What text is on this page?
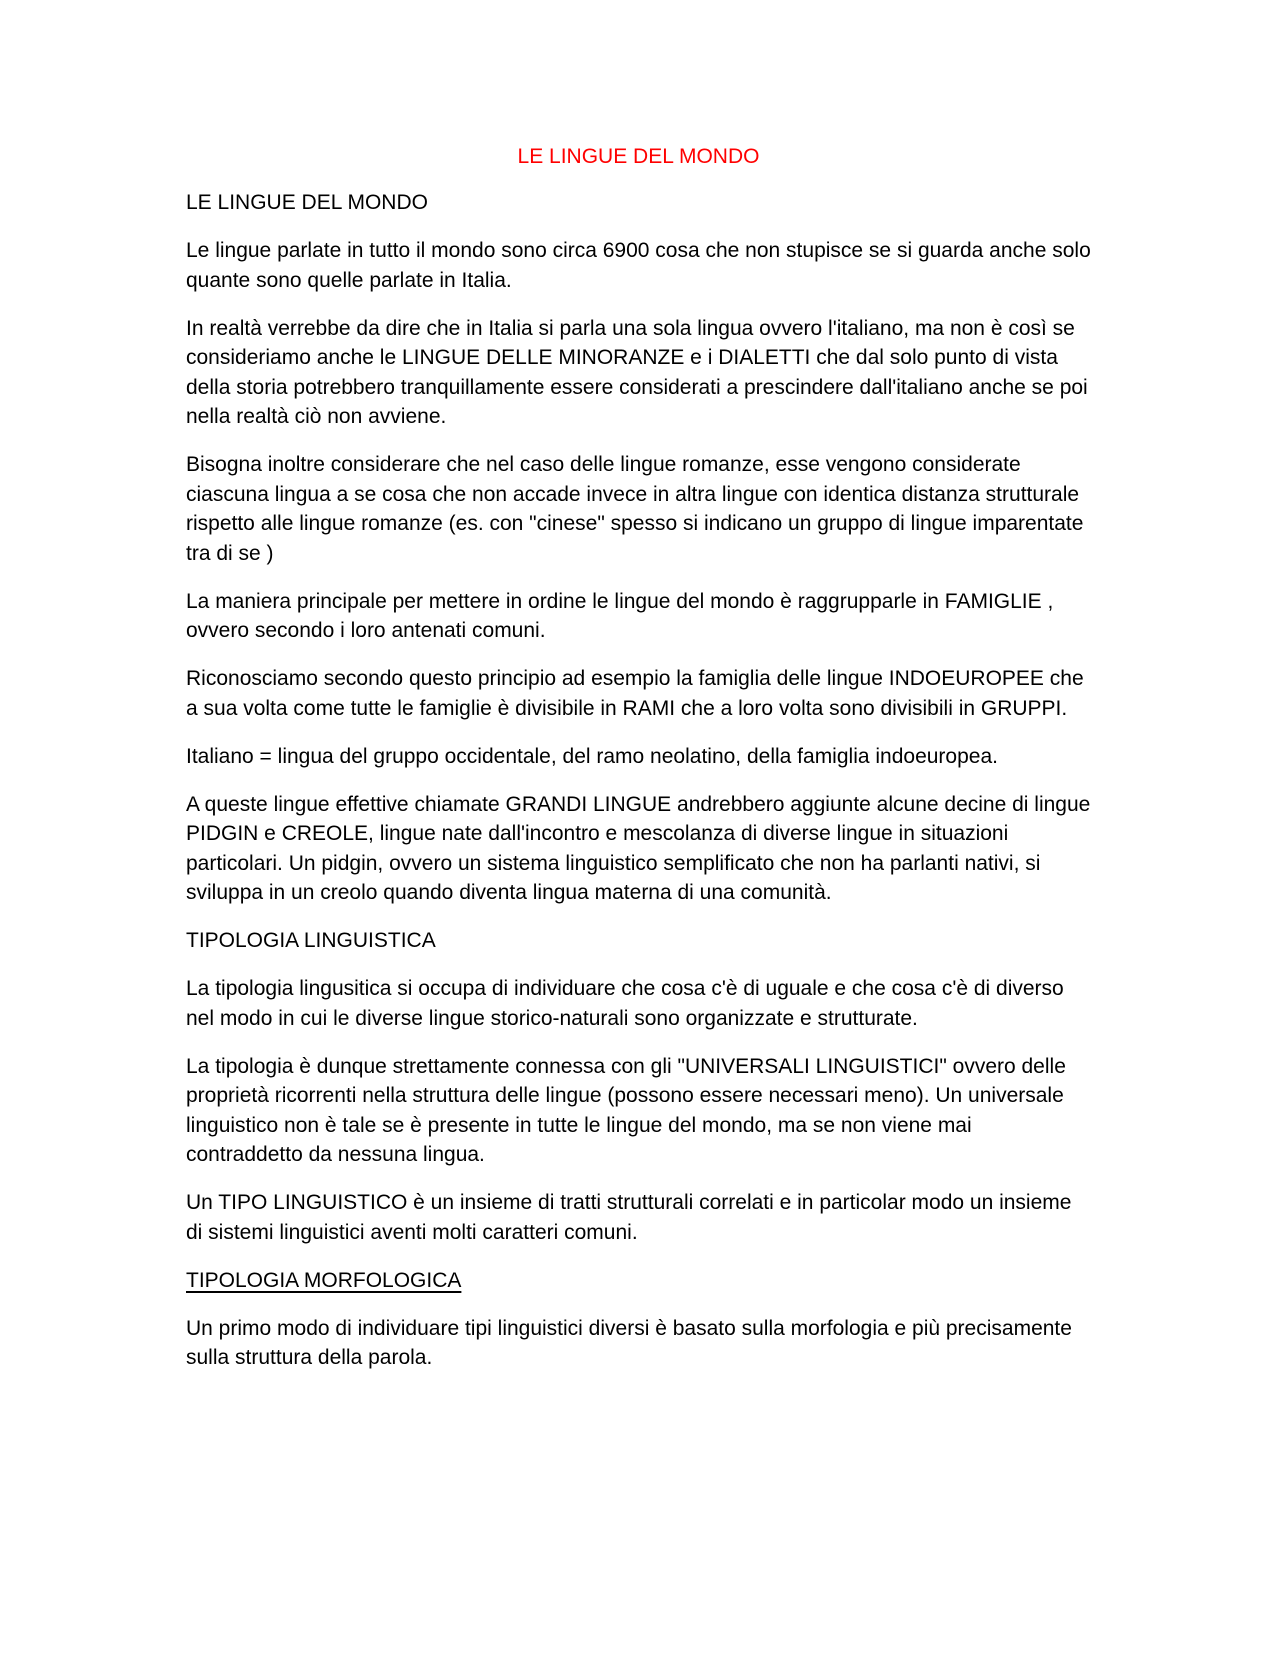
LE LINGUE DEL MONDO

LE LINGUE DEL MONDO

Le lingue parlate in tutto il mondo sono circa 6900 cosa che non stupisce se si guarda anche solo quante sono quelle parlate in Italia.

In realtà verrebbe da dire che in Italia si parla una sola lingua ovvero l'italiano, ma non è così se consideriamo anche le LINGUE DELLE MINORANZE e i DIALETTI che dal solo punto di vista della storia potrebbero tranquillamente essere considerati a prescindere dall'italiano anche se poi nella realtà ciò non avviene.

Bisogna inoltre considerare che nel caso delle lingue romanze, esse vengono considerate ciascuna lingua a se cosa che non accade invece in altra lingue con identica distanza strutturale rispetto alle lingue romanze (es. con "cinese" spesso si indicano un gruppo di lingue imparentate tra di se )

La maniera principale per mettere in ordine le lingue del mondo è raggrupparle in FAMIGLIE , ovvero secondo i loro antenati comuni.

Riconosciamo secondo questo principio ad esempio la famiglia delle lingue INDOEUROPEE che a sua volta come tutte le famiglie è divisibile in RAMI che a loro volta sono divisibili in GRUPPI.

Italiano = lingua del gruppo occidentale, del ramo neolatino, della famiglia indoeuropea.

A queste lingue effettive chiamate GRANDI LINGUE andrebbero aggiunte alcune decine di lingue PIDGIN e CREOLE, lingue nate dall'incontro e mescolanza di diverse lingue in situazioni particolari. Un pidgin, ovvero un sistema linguistico semplificato che non ha parlanti nativi, si sviluppa in un creolo quando diventa lingua materna di una comunità.

TIPOLOGIA LINGUISTICA

La tipologia lingusitica si occupa di individuare che cosa c'è di uguale e che cosa c'è di diverso nel modo in cui le diverse lingue storico-naturali sono organizzate e strutturate.

La tipologia è dunque strettamente connessa con gli "UNIVERSALI LINGUISTICI" ovvero delle proprietà ricorrenti nella struttura delle lingue (possono essere necessari meno). Un universale linguistico non è tale se è presente in tutte le lingue del mondo, ma se non viene mai contraddetto da nessuna lingua.

Un TIPO LINGUISTICO è un insieme di tratti strutturali correlati e in particolar modo un insieme di sistemi linguistici aventi molti caratteri comuni.

TIPOLOGIA MORFOLOGICA

Un primo modo di individuare tipi linguistici diversi è basato sulla morfologia e più precisamente sulla struttura della parola.
